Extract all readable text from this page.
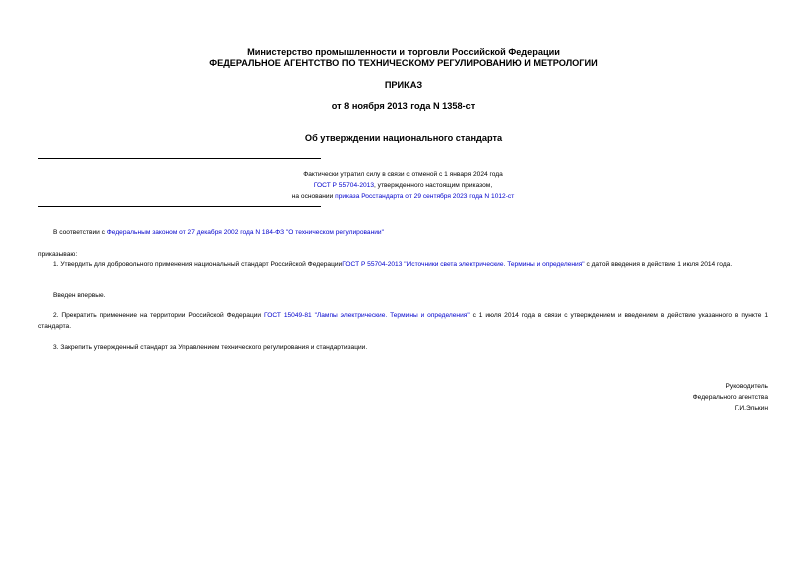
Министерство промышленности и торговли Российской Федерации
ФЕДЕРАЛЬНОЕ АГЕНТСТВО ПО ТЕХНИЧЕСКОМУ РЕГУЛИРОВАНИЮ И МЕТРОЛОГИИ
ПРИКАЗ
от 8 ноября 2013 года N 1358-ст
Об утверждении национального стандарта
Фактически утратил силу в связи с отменой с 1 января 2024 года
ГОСТ Р 55704-2013, утвержденного настоящим приказом,
на основании приказа Росстандарта от 29 сентября 2023 года N 1012-ст
В соответствии с Федеральным законом от 27 декабря 2002 года N 184-ФЗ "О техническом регулировании"
приказываю:
1. Утвердить для добровольного применения национальный стандарт Российской ФедерацииГОСТ Р 55704-2013 "Источники света электрические. Термины и определения" с датой введения в действие 1 июля 2014 года.
Введен впервые.
2. Прекратить применение на территории Российской Федерации ГОСТ 15049-81 "Лампы электрические. Термины и определения" с 1 июля 2014 года в связи с утверждением и введением в действие указанного в пункте 1 стандарта.
3. Закрепить утвержденный стандарт за Управлением технического регулирования и стандартизации.
Руководитель
Федерального агентства
Г.И.Элькин
